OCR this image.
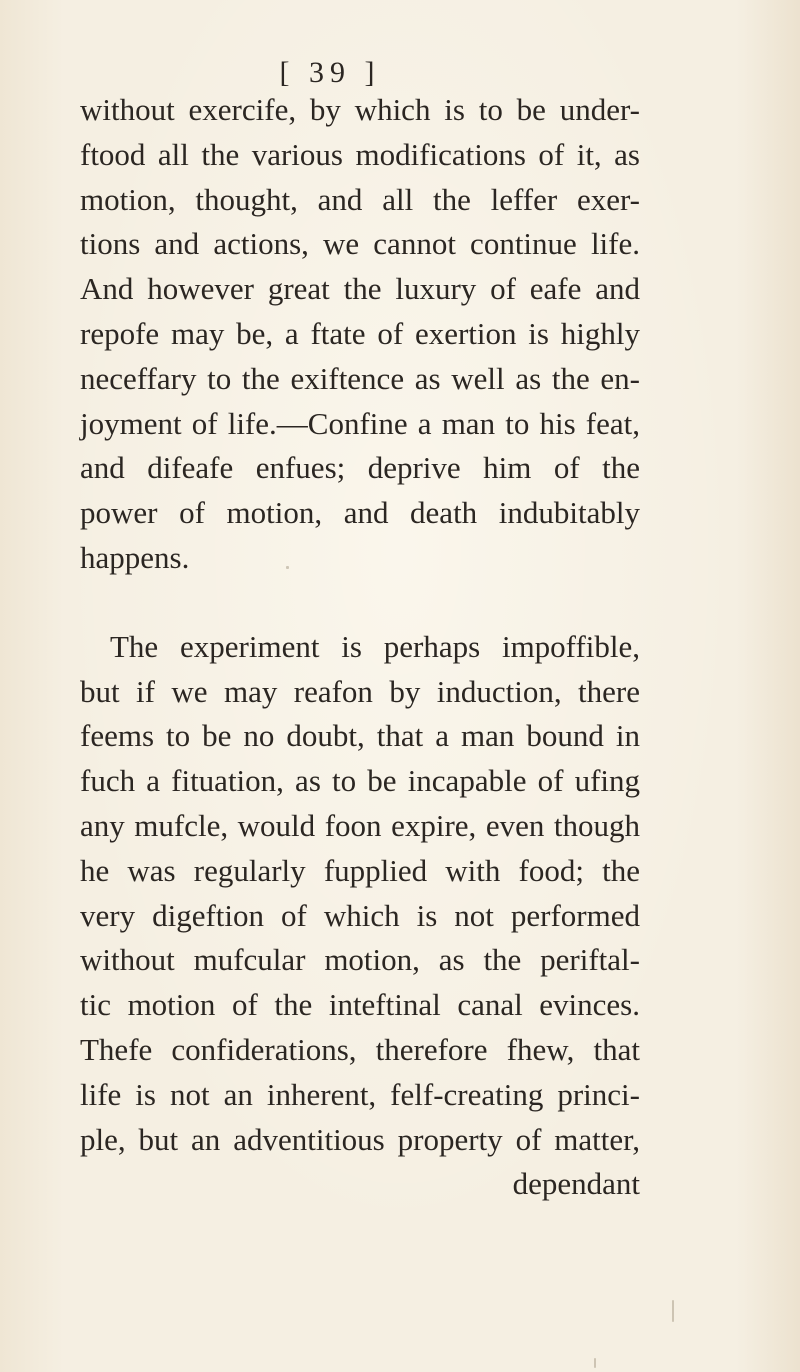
[ 39 ]
without exercife, by which is to be under-
ftood all the various modifications of it, as
motion, thought, and all the leffer exer-
tions and actions, we cannot continue life.
And however great the luxury of eafe and
repofe may be, a ftate of exertion is highly
neceffary to the exiftence as well as the en-
joyment of life.—Confine a man to his feat,
and difeafe enfues; deprive him of the
power of motion, and death indubitably
happens.
The experiment is perhaps impoffible,
but if we may reafon by induction, there
feems to be no doubt, that a man bound in
fuch a fituation, as to be incapable of ufing
any mufcle, would foon expire, even though
he was regularly fupplied with food; the
very digeftion of which is not performed
without mufcular motion, as the periftal-
tic motion of the inteftinal canal evinces.
Thefe confiderations, therefore fhew, that
life is not an inherent, felf-creating princi-
ple, but an adventitious property of matter,
dependant
